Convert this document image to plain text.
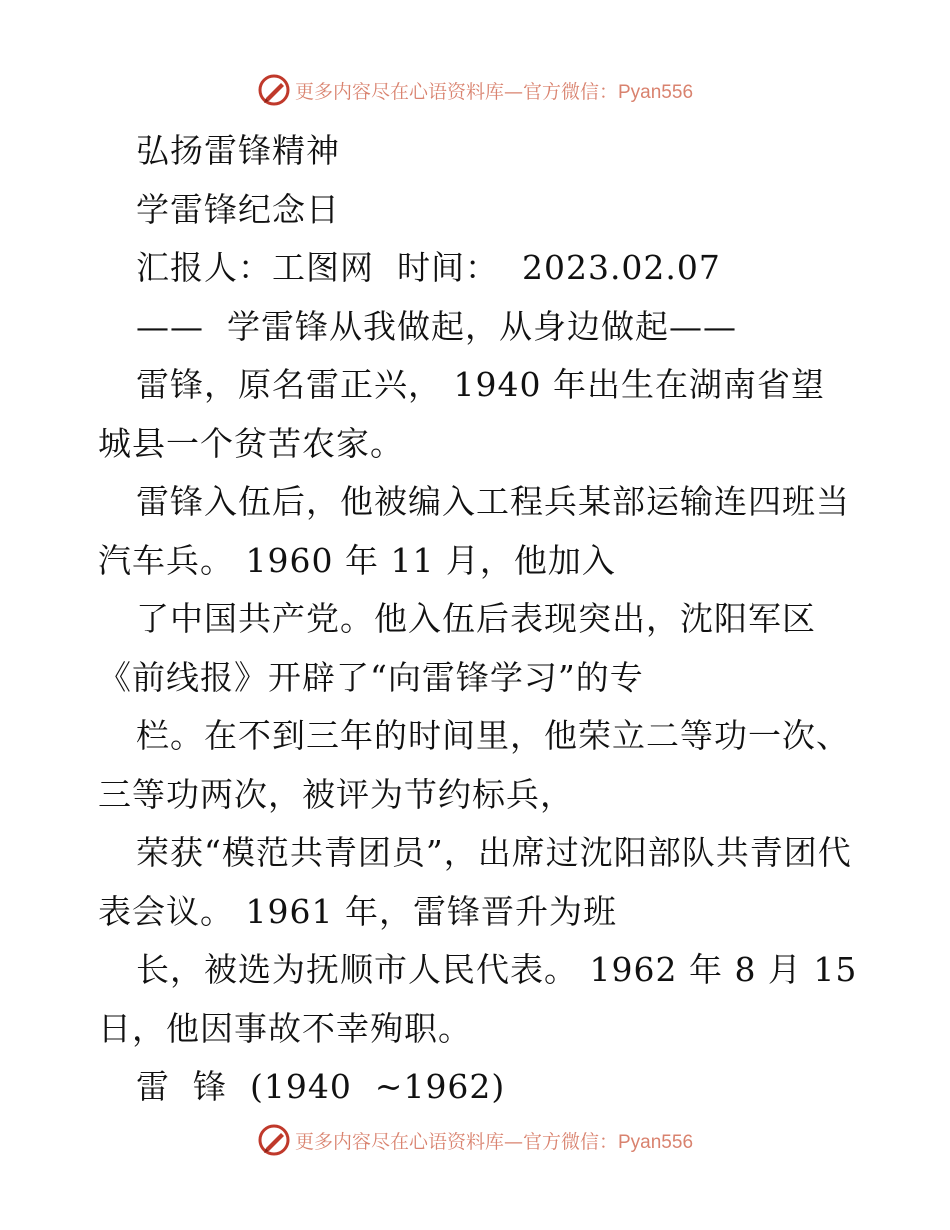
更多内容尽在心语资料库—官方微信：Pyan556

弘扬雷锋精神

学雷锋纪念日

汇报人：工图网  时间：  2023.02.07

——  学雷锋从我做起，从身边做起——

雷锋，原名雷正兴， 1940 年出生在湖南省望城县一个贫苦农家。

雷锋入伍后，他被编入工程兵某部运输连四班当汽车兵。 1960 年 11 月，他加入

了中国共产党。他入伍后表现突出，沈阳军区《前线报》开辟了“向雷锋学习”的专

栏。在不到三年的时间里，他荣立二等功一次、三等功两次，被评为节约标兵，

荣获“模范共青团员”，出席过沈阳部队共青团代表会议。 1961 年，雷锋晋升为班

长，被选为抚顺市人民代表。 1962 年 8 月 15 日，他因事故不幸殉职。

雷  锋  (1940  ~1962)

更多内容尽在心语资料库—官方微信：Pyan556
